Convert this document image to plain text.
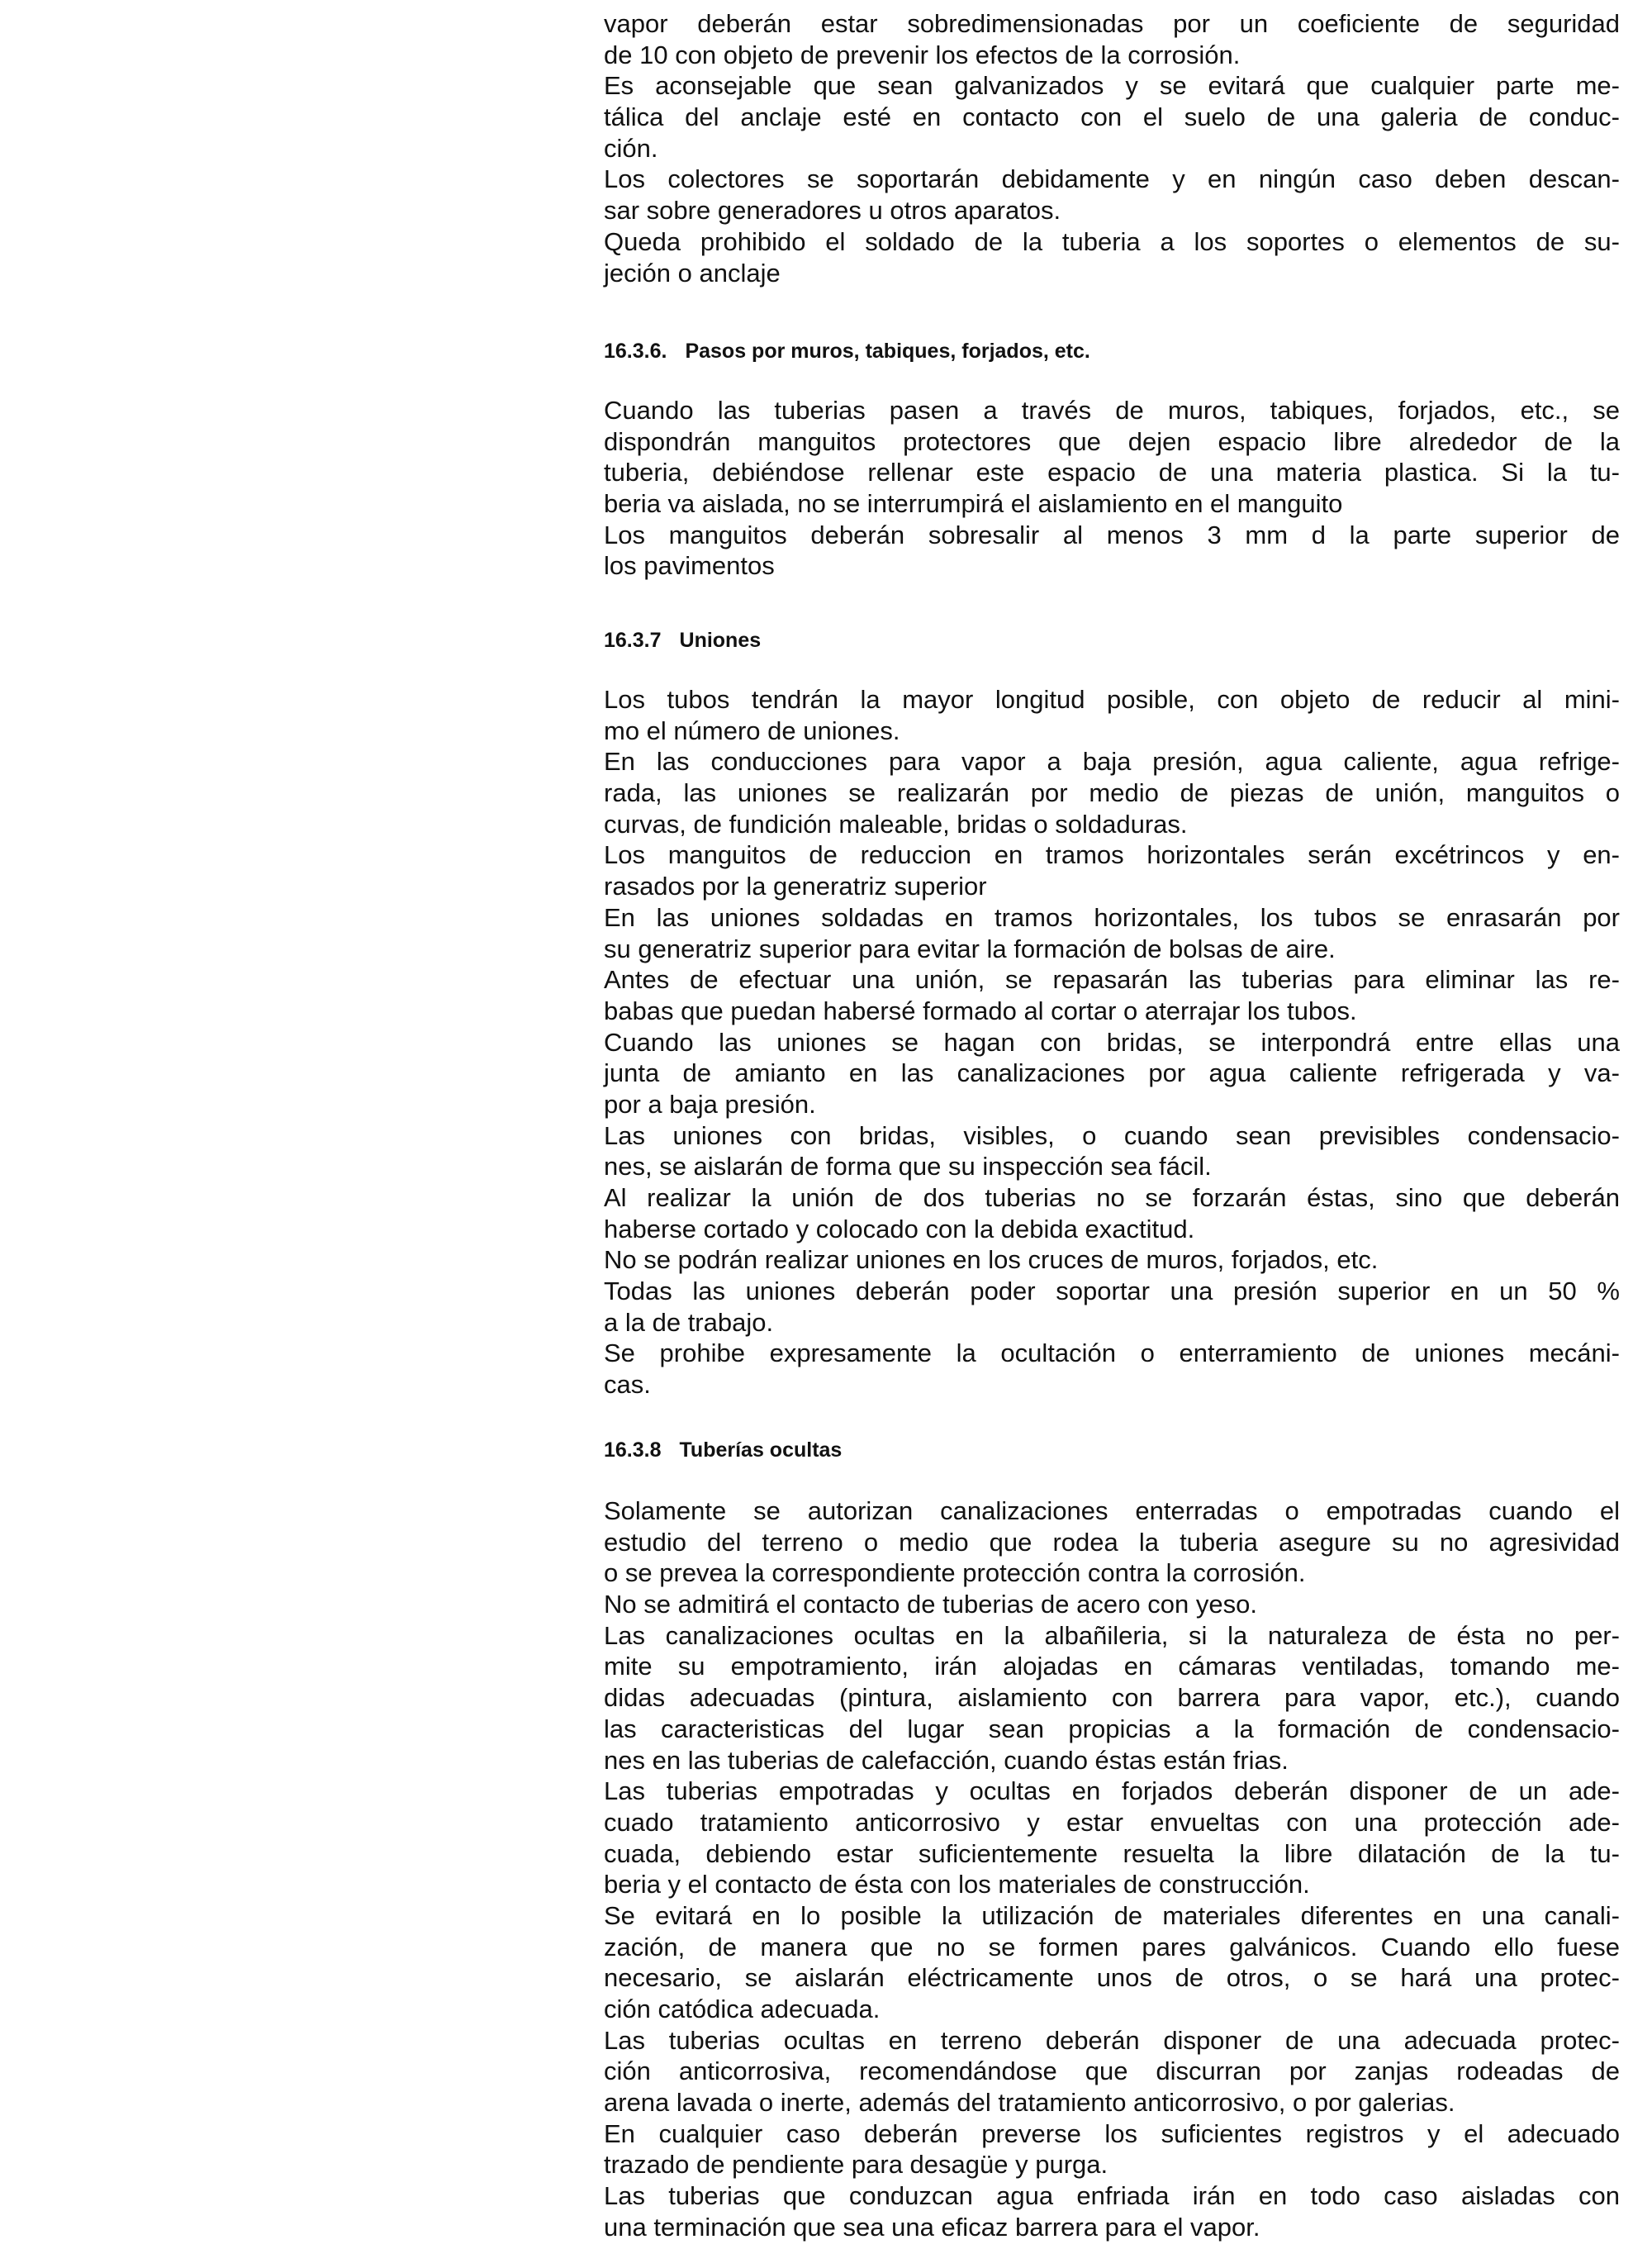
vapor deberán estar sobredimensionadas por un coeficiente de seguridad
de 10 con objeto de prevenir los efectos de la corrosión.
Es aconsejable que sean galvanizados y se evitará que cualquier parte me-
tálica del anclaje esté en contacto con el suelo de una galeria de conduc-
ción.
Los colectores se soportarán debidamente y en ningún caso deben descan-
sar sobre generadores u otros aparatos.
Queda prohibido el soldado de la tuberia a los soportes o elementos de su-
jeción o anclaje
16.3.6. Pasos por muros, tabiques, forjados, etc.
Cuando las tuberias pasen a través de muros, tabiques, forjados, etc., se
dispondrán manguitos protectores que dejen espacio libre alrededor de la
tuberia, debiéndose rellenar este espacio de una materia plastica. Si la tu-
beria va aislada, no se interrumpirá el aislamiento en el manguito
Los manguitos deberán sobresalir al menos 3 mm d la parte superior de
los pavimentos
16.3.7 Uniones
Los tubos tendrán la mayor longitud posible, con objeto de reducir al mini-
mo el número de uniones.
En las conducciones para vapor a baja presión, agua caliente, agua refrige-
rada, las uniones se realizarán por medio de piezas de unión, manguitos o
curvas, de fundición maleable, bridas o soldaduras.
Los manguitos de reduccion en tramos horizontales serán excétrincos y en-
rasados por la generatriz superior
En las uniones soldadas en tramos horizontales, los tubos se enrasarán por
su generatriz superior para evitar la formación de bolsas de aire.
Antes de efectuar una unión, se repasarán las tuberias para eliminar las re-
babas que puedan habersé formado al cortar o aterrajar los tubos.
Cuando las uniones se hagan con bridas, se interpondrá entre ellas una
junta de amianto en las canalizaciones por agua caliente refrigerada y va-
por a baja presión.
Las uniones con bridas, visibles, o cuando sean previsibles condensacio-
nes, se aislarán de forma que su inspección sea fácil.
Al realizar la unión de dos tuberias no se forzarán éstas, sino que deberán
haberse cortado y colocado con la debida exactitud.
No se podrán realizar uniones en los cruces de muros, forjados, etc.
Todas las uniones deberán poder soportar una presión superior en un 50 %
a la de trabajo.
Se prohibe expresamente la ocultación o enterramiento de uniones mecáni-
cas.
16.3.8 Tuberías ocultas
Solamente se autorizan canalizaciones enterradas o empotradas cuando el
estudio del terreno o medio que rodea la tuberia asegure su no agresividad
o se prevea la correspondiente protección contra la corrosión.
No se admitirá el contacto de tuberias de acero con yeso.
Las canalizaciones ocultas en la albañileria, si la naturaleza de ésta no per-
mite su empotramiento, irán alojadas en cámaras ventiladas, tomando me-
didas adecuadas (pintura, aislamiento con barrera para vapor, etc.), cuando
las caracteristicas del lugar sean propicias a la formación de condensacio-
nes en las tuberias de calefacción, cuando éstas están frias.
Las tuberias empotradas y ocultas en forjados deberán disponer de un ade-
cuado tratamiento anticorrosivo y estar envueltas con una protección ade-
cuada, debiendo estar suficientemente resuelta la libre dilatación de la tu-
beria y el contacto de ésta con los materiales de construcción.
Se evitará en lo posible la utilización de materiales diferentes en una canali-
zación, de manera que no se formen pares galvánicos. Cuando ello fuese
necesario, se aislarán eléctricamente unos de otros, o se hará una protec-
ción catódica adecuada.
Las tuberias ocultas en terreno deberán disponer de una adecuada protec-
ción anticorrosiva, recomendándose que discurran por zanjas rodeadas de
arena lavada o inerte, además del tratamiento anticorrosivo, o por galerias.
En cualquier caso deberán preverse los suficientes registros y el adecuado
trazado de pendiente para desagüe y purga.
Las tuberias que conduzcan agua enfriada irán en todo caso aisladas con
una terminación que sea una eficaz barrera para el vapor.
